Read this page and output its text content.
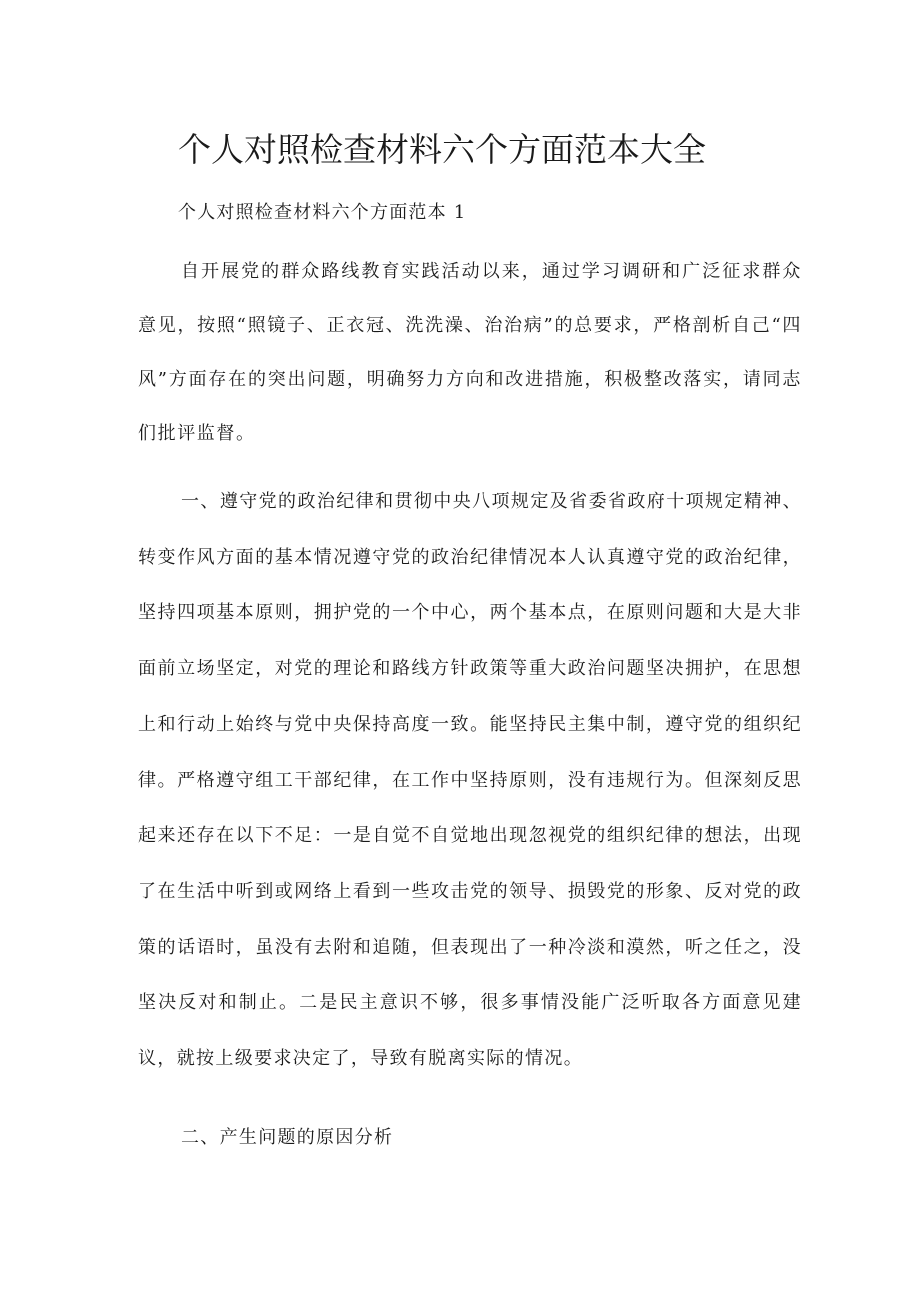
个人对照检查材料六个方面范本大全
个人对照检查材料六个方面范本 1

自开展党的群众路线教育实践活动以来，通过学习调研和广泛征求群众意见，按照“照镜子、正衣冠、洗洗澡、治治病”的总要求，严格剖析自己“四风”方面存在的突出问题，明确努力方向和改进措施，积极整改落实，请同志们批评监督。

一、遵守党的政治纪律和贯彻中央八项规定及省委省政府十项规定精神、转变作风方面的基本情况遵守党的政治纪律情况本人认真遵守党的政治纪律，坚持四项基本原则，拥护党的一个中心，两个基本点，在原则问题和大是大非面前立场坚定，对党的理论和路线方针政策等重大政治问题坚决拥护，在思想上和行动上始终与党中央保持高度一致。能坚持民主集中制，遵守党的组织纪律。严格遵守组工干部纪律，在工作中坚持原则，没有违规行为。但深刻反思起来还存在以下不足：一是自觉不自觉地出现忽视党的组织纪律的想法，出现了在生活中听到或网络上看到一些攻击党的领导、损毁党的形象、反对党的政策的话语时，虽没有去附和追随，但表现出了一种冷淡和漠然，听之任之，没坚决反对和制止。二是民主意识不够，很多事情没能广泛听取各方面意见建议，就按上级要求决定了，导致有脱离实际的情况。

二、产生问题的原因分析
